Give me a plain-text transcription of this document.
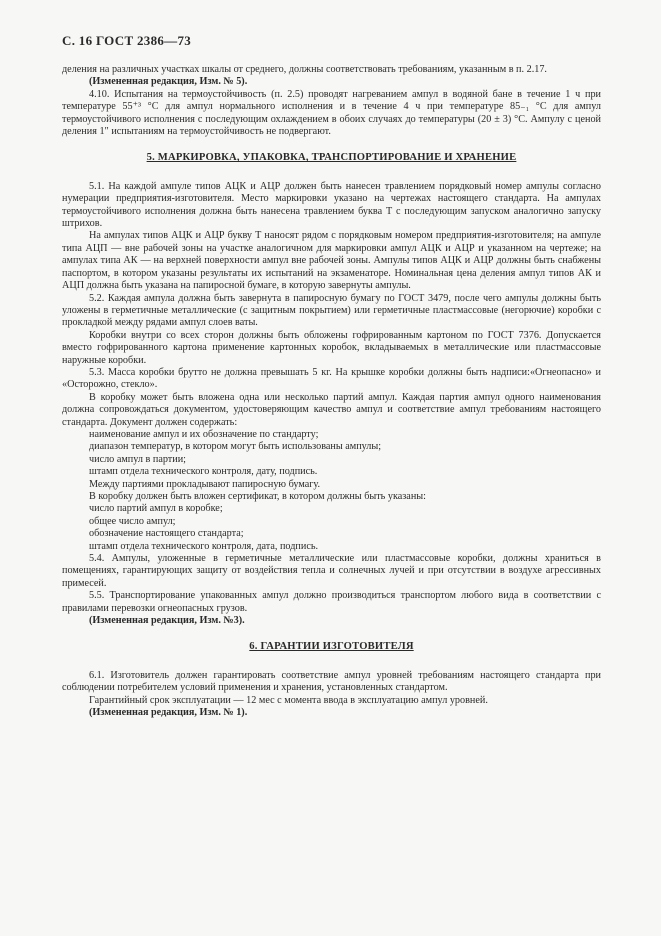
С. 16 ГОСТ 2386—73

деления на различных участках шкалы от среднего, должны соответствовать требованиям, указанным в п. 2.17.

(Измененная редакция, Изм. № 5).

4.10. Испытания на термоустойчивость (п. 2.5) проводят нагреванием ампул в водяной бане в течение 1 ч при температуре 55⁺³ °С для ампул нормального исполнения и в течение 4 ч при температуре 85₋₁ °С для ампул термоустойчивого исполнения с последующим охлаждением в обоих случаях до температуры (20 ± 3) °С. Ампулу с ценой деления 1″ испытаниям на термоустойчивость не подвергают.

5. МАРКИРОВКА, УПАКОВКА, ТРАНСПОРТИРОВАНИЕ И ХРАНЕНИЕ

5.1. На каждой ампуле типов АЦК и АЦР должен быть нанесен травлением порядковый номер ампулы согласно нумерации предприятия-изготовителя. Место маркировки указано на чертежах настоящего стандарта. На ампулах термоустойчивого исполнения должна быть нанесена травлением буква Т с последующим запуском аналогично запуску штрихов.

На ампулах типов АЦК и АЦР букву Т наносят рядом с порядковым номером предприятия-изготовителя; на ампуле типа АЦП — вне рабочей зоны на участке аналогичном для маркировки ампул АЦК и АЦР и указанном на чертеже; на ампулах типа АК — на верхней поверхности ампул вне рабочей зоны. Ампулы типов АЦК и АЦР должны быть снабжены паспортом, в котором указаны результаты их испытаний на экзаменаторе. Номинальная цена деления ампул типов АК и АЦП должна быть указана на папиросной бумаге, в которую завернуты ампулы.

5.2. Каждая ампула должна быть завернута в папиросную бумагу по ГОСТ 3479, после чего ампулы должны быть уложены в герметичные металлические (с защитным покрытием) или герметичные пластмассовые (негорючие) коробки с прокладкой между рядами ампул слоев ваты.

Коробки внутри со всех сторон должны быть обложены гофрированным картоном по ГОСТ 7376. Допускается вместо гофрированного картона применение картонных коробок, вкладываемых в металлические или пластмассовые наружные коробки.

5.3. Масса коробки брутто не должна превышать 5 кг. На крышке коробки должны быть надписи:«Огнеопасно» и «Осторожно, стекло».

В коробку может быть вложена одна или несколько партий ампул. Каждая партия ампул одного наименования должна сопровождаться документом, удостоверяющим качество ампул и соответствие ампул требованиям настоящего стандарта. Документ должен содержать:

наименование ампул и их обозначение по стандарту;

диапазон температур, в котором могут быть использованы ампулы;

число ампул в партии;

штамп отдела технического контроля, дату, подпись.

Между партиями прокладывают папиросную бумагу.

В коробку должен быть вложен сертификат, в котором должны быть указаны:

число партий ампул в коробке;

общее число ампул;

обозначение настоящего стандарта;

штамп отдела технического контроля, дата, подпись.

5.4. Ампулы, уложенные в герметичные металлические или пластмассовые коробки, должны храниться в помещениях, гарантирующих защиту от воздействия тепла и солнечных лучей и при отсутствии в воздухе агрессивных примесей.

5.5. Транспортирование упакованных ампул должно производиться транспортом любого вида в соответствии с правилами перевозки огнеопасных грузов.

(Измененная редакция, Изм. №3).

6. ГАРАНТИИ ИЗГОТОВИТЕЛЯ

6.1. Изготовитель должен гарантировать соответствие ампул уровней требованиям настоящего стандарта при соблюдении потребителем условий применения и хранения, установленных стандартом.

Гарантийный срок эксплуатации — 12 мес с момента ввода в эксплуатацию ампул уровней.

(Измененная редакция, Изм. № 1).
